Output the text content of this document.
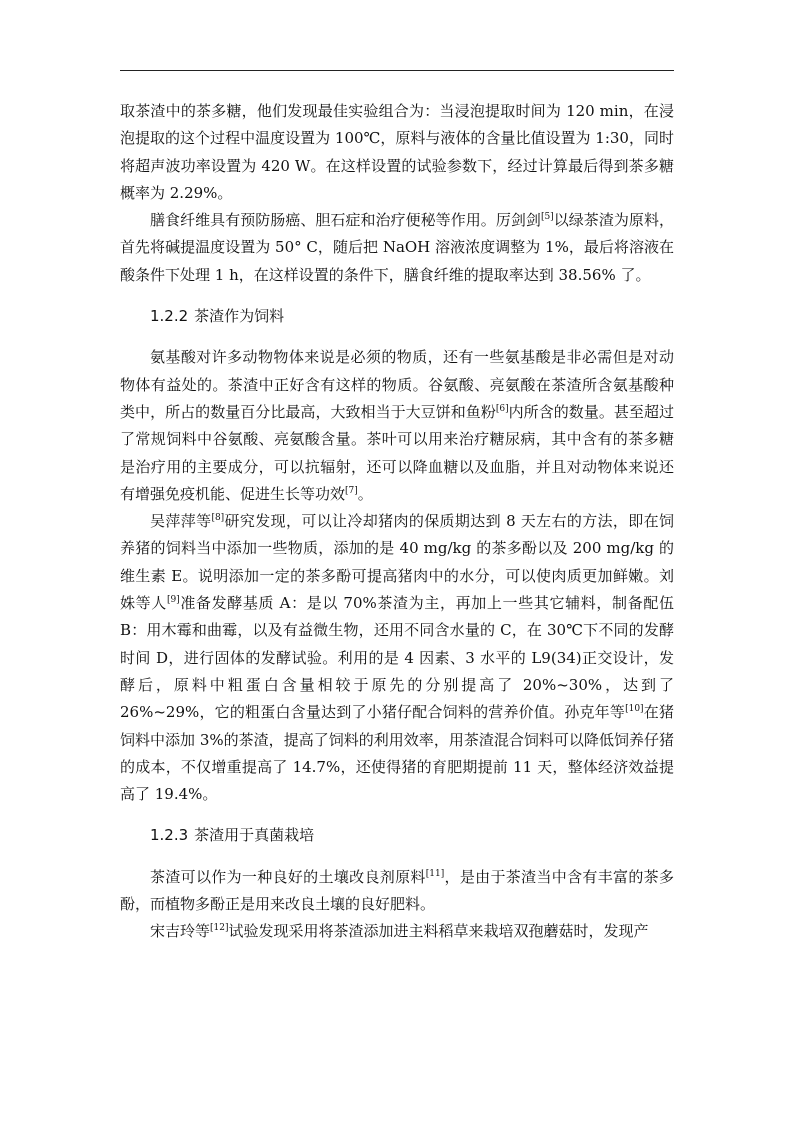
取茶渣中的茶多糖，他们发现最佳实验组合为：当浸泡提取时间为 120 min，在浸泡提取的这个过程中温度设置为 100℃，原料与液体的含量比值设置为 1:30，同时将超声波功率设置为 420 W。在这样设置的试验参数下，经过计算最后得到茶多糖概率为 2.29%。

膳食纤维具有预防肠癌、胆石症和治疗便秘等作用。厉剑剑[5]以绿茶渣为原料，首先将碱提温度设置为 50° C，随后把 NaOH 溶液浓度调整为 1%，最后将溶液在酸条件下处理 1 h，在这样设置的条件下，膳食纤维的提取率达到 38.56% 了。

1.2.2 茶渣作为饲料

氨基酸对许多动物物体来说是必须的物质，还有一些氨基酸是非必需但是对动物体有益处的。茶渣中正好含有这样的物质。谷氨酸、亮氨酸在茶渣所含氨基酸种类中，所占的数量百分比最高，大致相当于大豆饼和鱼粉[6]内所含的数量。甚至超过了常规饲料中谷氨酸、亮氨酸含量。茶叶可以用来治疗糖尿病，其中含有的茶多糖是治疗用的主要成分，可以抗辐射，还可以降血糖以及血脂，并且对动物体来说还有增强免疫机能、促进生长等功效[7]。

吴萍萍等[8]研究发现，可以让冷却猪肉的保质期达到 8 天左右的方法，即在饲养猪的饲料当中添加一些物质，添加的是 40 mg/kg 的茶多酚以及 200 mg/kg 的维生素 E。说明添加一定的茶多酚可提高猪肉中的水分，可以使肉质更加鲜嫩。刘姝等人[9]准备发酵基质 A：是以 70%茶渣为主，再加上一些其它辅料，制备配伍 B：用木霉和曲霉，以及有益微生物，还用不同含水量的 C，在 30℃下不同的发酵时间 D，进行固体的发酵试验。利用的是 4 因素、3 水平的 L9(34)正交设计，发酵后，原料中粗蛋白含量相较于原先的分别提高了 20%~30%，达到了 26%~29%，它的粗蛋白含量达到了小猪仔配合饲料的营养价值。孙克年等[10]在猪饲料中添加 3%的茶渣，提高了饲料的利用效率，用茶渣混合饲料可以降低饲养仔猪的成本，不仅增重提高了 14.7%，还使得猪的育肥期提前 11 天，整体经济效益提高了 19.4%。

1.2.3 茶渣用于真菌栽培

茶渣可以作为一种良好的土壤改良剂原料[11]，是由于茶渣当中含有丰富的茶多酚，而植物多酚正是用来改良土壤的良好肥料。

宋吉玲等[12]试验发现采用将茶渣添加进主料稻草来栽培双孢蘑菇时，发现产
